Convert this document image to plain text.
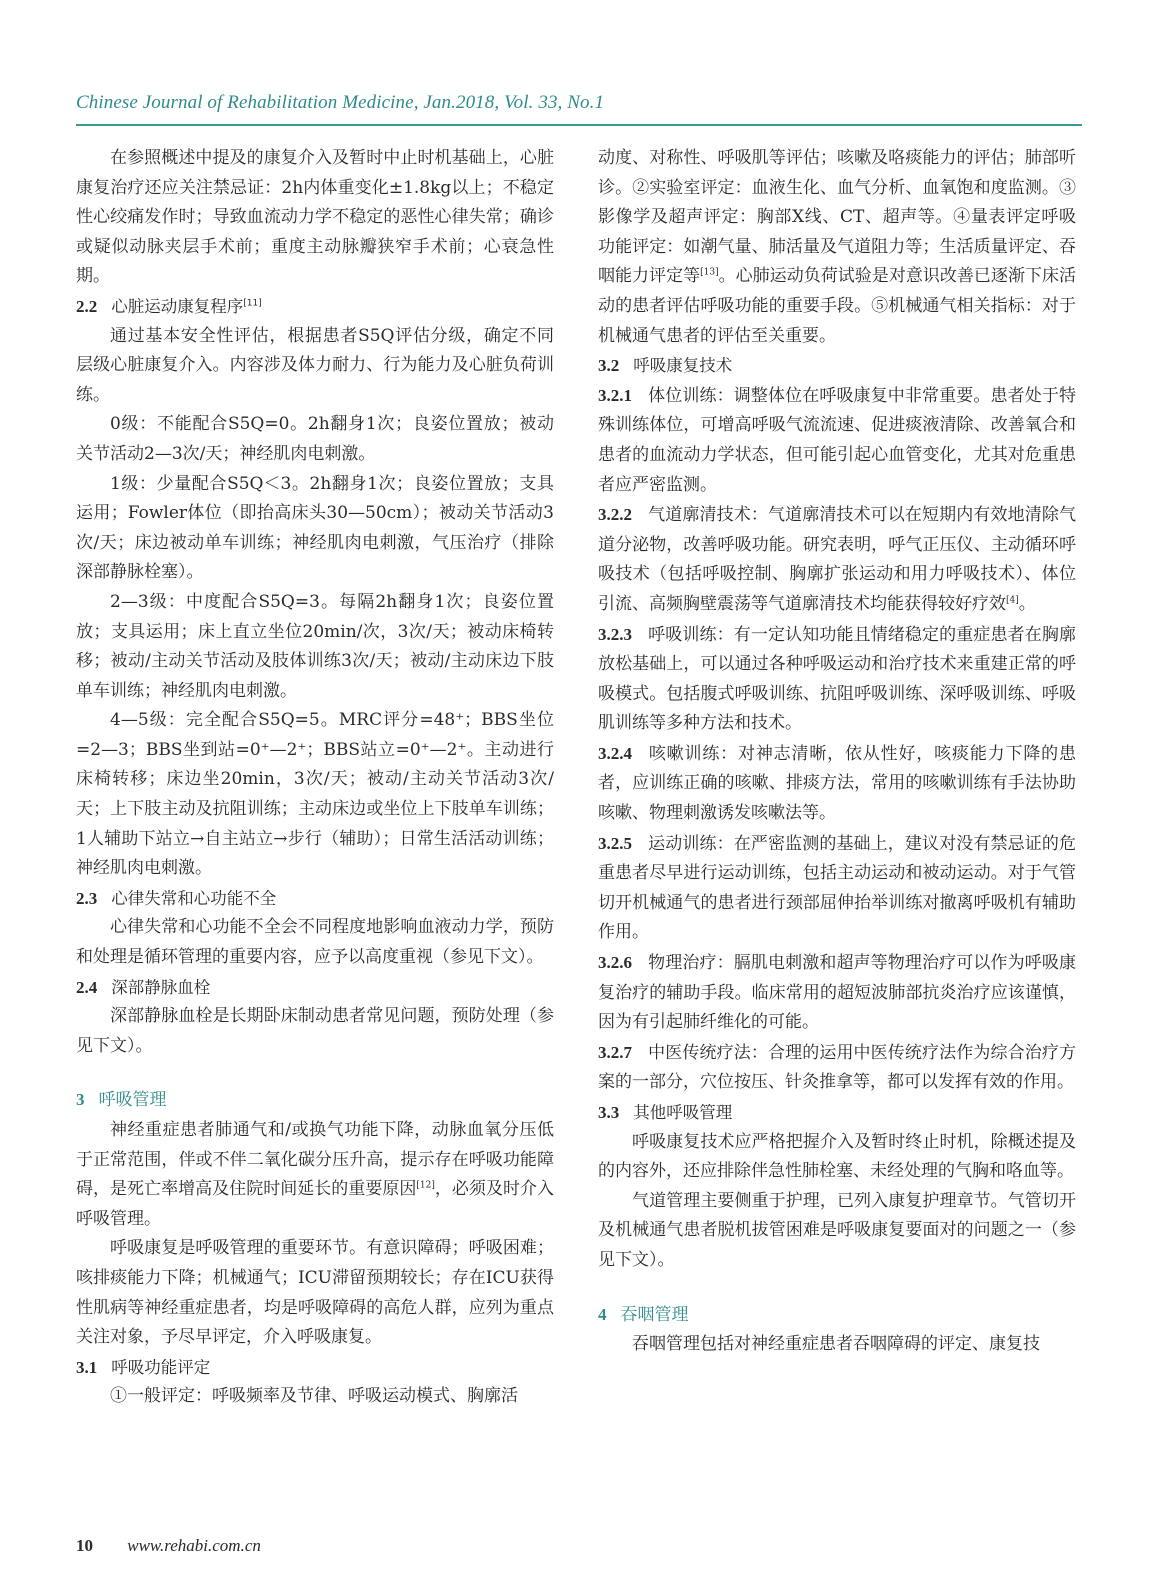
Chinese Journal of Rehabilitation Medicine, Jan.2018, Vol. 33, No.1

在参照概述中提及的康复介入及暂时中止时机基础上，心脏康复治疗还应关注禁忌证：2h内体重变化±1.8kg以上；不稳定性心绞痛发作时；导致血流动力学不稳定的恶性心律失常；确诊或疑似动脉夹层手术前；重度主动脉瓣狭窄手术前；心衰急性期。

2.2 心脏运动康复程序[11]

通过基本安全性评估，根据患者S5Q评估分级，确定不同层级心脏康复介入。内容涉及体力耐力、行为能力及心脏负荷训练。

0级：不能配合S5Q=0。2h翻身1次；良姿位置放；被动关节活动2—3次/天；神经肌肉电刺激。

1级：少量配合S5Q＜3。2h翻身1次；良姿位置放；支具运用；Fowler体位（即抬高床头30—50cm）；被动关节活动3次/天；床边被动单车训练；神经肌肉电刺激，气压治疗（排除深部静脉栓塞）。

2—3级：中度配合S5Q=3。每隔2h翻身1次；良姿位置放；支具运用；床上直立坐位20min/次，3次/天；被动床椅转移；被动/主动关节活动及肢体训练3次/天；被动/主动床边下肢单车训练；神经肌肉电刺激。

4—5级：完全配合S5Q=5。MRC评分=48⁺；BBS坐位=2—3；BBS坐到站=0⁺—2⁺；BBS站立=0⁺—2⁺。主动进行床椅转移；床边坐20min，3次/天；被动/主动关节活动3次/天；上下肢主动及抗阻训练；主动床边或坐位上下肢单车训练；1人辅助下站立→自主站立→步行（辅助）；日常生活活动训练；神经肌肉电刺激。

2.3 心律失常和心功能不全

心律失常和心功能不全会不同程度地影响血液动力学，预防和处理是循环管理的重要内容，应予以高度重视（参见下文）。

2.4 深部静脉血栓

深部静脉血栓是长期卧床制动患者常见问题，预防处理（参见下文）。

3 呼吸管理

神经重症患者肺通气和/或换气功能下降，动脉血氧分压低于正常范围，伴或不伴二氧化碳分压升高，提示存在呼吸功能障碍，是死亡率增高及住院时间延长的重要原因[12]，必须及时介入呼吸管理。

呼吸康复是呼吸管理的重要环节。有意识障碍；呼吸困难；咳排痰能力下降；机械通气；ICU滞留预期较长；存在ICU获得性肌病等神经重症患者，均是呼吸障碍的高危人群，应列为重点关注对象，予尽早评定，介入呼吸康复。

3.1 呼吸功能评定

①一般评定：呼吸频率及节律、呼吸运动模式、胸廓活

动度、对称性、呼吸肌等评估；咳嗽及咯痰能力的评估；肺部听诊。②实验室评定：血液生化、血气分析、血氧饱和度监测。③影像学及超声评定：胸部X线、CT、超声等。④量表评定呼吸功能评定：如潮气量、肺活量及气道阻力等；生活质量评定、吞咽能力评定等[13]。心肺运动负荷试验是对意识改善已逐渐下床活动的患者评估呼吸功能的重要手段。⑤机械通气相关指标：对于机械通气患者的评估至关重要。

3.2 呼吸康复技术

3.2.1 体位训练：调整体位在呼吸康复中非常重要。患者处于特殊训练体位，可增高呼吸气流流速、促进痰液清除、改善氧合和患者的血流动力学状态，但可能引起心血管变化，尤其对危重患者应严密监测。

3.2.2 气道廓清技术：气道廓清技术可以在短期内有效地清除气道分泌物，改善呼吸功能。研究表明，呼气正压仪、主动循环呼吸技术（包括呼吸控制、胸廓扩张运动和用力呼吸技术）、体位引流、高频胸壁震荡等气道廓清技术均能获得较好疗效[4]。

3.2.3 呼吸训练：有一定认知功能且情绪稳定的重症患者在胸廓放松基础上，可以通过各种呼吸运动和治疗技术来重建正常的呼吸模式。包括腹式呼吸训练、抗阻呼吸训练、深呼吸训练、呼吸肌训练等多种方法和技术。

3.2.4 咳嗽训练：对神志清晰，依从性好，咳痰能力下降的患者，应训练正确的咳嗽、排痰方法，常用的咳嗽训练有手法协助咳嗽、物理刺激诱发咳嗽法等。

3.2.5 运动训练：在严密监测的基础上，建议对没有禁忌证的危重患者尽早进行运动训练，包括主动运动和被动运动。对于气管切开机械通气的患者进行颈部屈伸抬举训练对撤离呼吸机有辅助作用。

3.2.6 物理治疗：膈肌电刺激和超声等物理治疗可以作为呼吸康复治疗的辅助手段。临床常用的超短波肺部抗炎治疗应该谨慎，因为有引起肺纤维化的可能。

3.2.7 中医传统疗法：合理的运用中医传统疗法作为综合治疗方案的一部分，穴位按压、针灸推拿等，都可以发挥有效的作用。

3.3 其他呼吸管理

呼吸康复技术应严格把握介入及暂时终止时机，除概述提及的内容外，还应排除伴急性肺栓塞、未经处理的气胸和咯血等。

气道管理主要侧重于护理，已列入康复护理章节。气管切开及机械通气患者脱机拔管困难是呼吸康复要面对的问题之一（参见下文）。

4 吞咽管理

吞咽管理包括对神经重症患者吞咽障碍的评定、康复技

10 www.rehabi.com.cn
